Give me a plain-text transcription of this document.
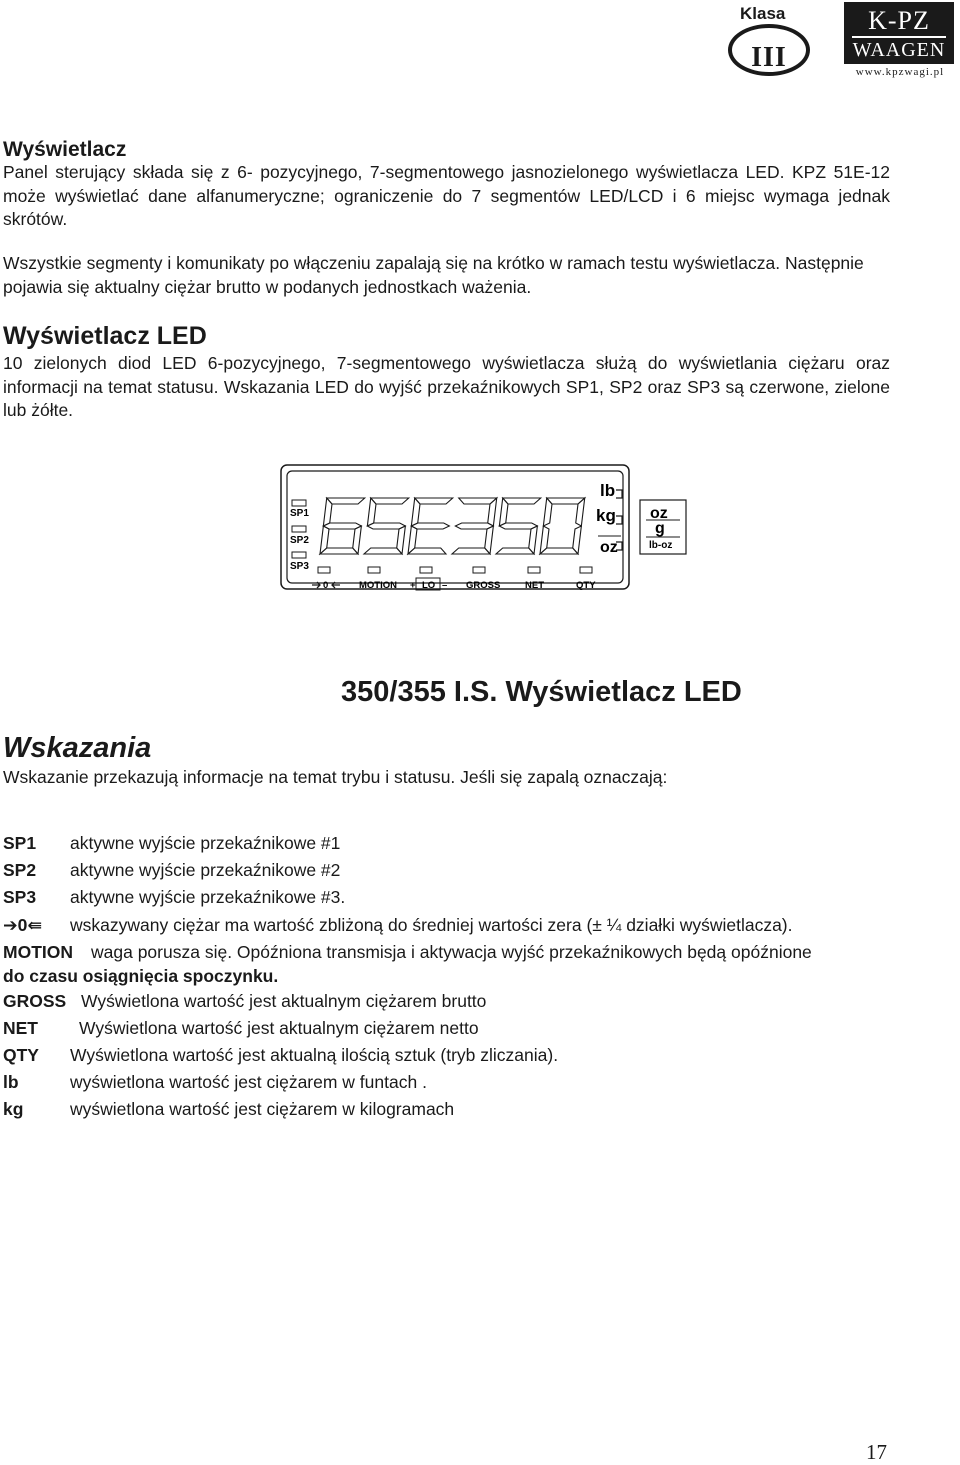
Klasa
III
K-PZ
WAAGEN
www.kpzwagi.pl
Wyświetlacz
Panel sterujący składa się z 6- pozycyjnego, 7-segmentowego jasnozielonego wyświetlacza LED. KPZ 51E-12 może wyświetlać dane alfanumeryczne; ograniczenie do 7 segmentów LED/LCD i 6 miejsc wymaga jednak skrótów.
Wszystkie segmenty i komunikaty po włączeniu zapalają się na krótko w ramach testu wyświetlacza. Następnie pojawia się aktualny ciężar brutto w podanych jednostkach ważenia.
Wyświetlacz LED
10 zielonych diod LED 6-pozycyjnego, 7-segmentowego wyświetlacza służą do wyświetlania ciężaru oraz informacji na temat statusu. Wskazania LED do wyjść przekaźnikowych SP1, SP2 oraz SP3 są czerwone, zielone lub żółte.
SP1
SP2
SP3
lb
kg
oz
oz
g
lb-oz
0	MOTION + LO – GROSS	NET	QTY
350/355 I.S. Wyświetlacz LED
Wskazania
Wskazanie przekazują informacje na temat trybu i statusu. Jeśli się zapalą oznaczają:
SP1 aktywne wyjście przekaźnikowe #1
SP2 aktywne wyjście przekaźnikowe #2
SP3 aktywne wyjście przekaźnikowe #3.
➔0⇚ wskazywany ciężar ma wartość zbliżoną do średniej wartości zera (± ¼ działki wyświetlacza).
MOTION waga porusza się. Opóźniona transmisja i aktywacja wyjść przekaźnikowych będą opóźnione
do czasu osiągnięcia spoczynku.
GROSS Wyświetlona wartość jest aktualnym ciężarem brutto
NET Wyświetlona wartość jest aktualnym ciężarem netto
QTY Wyświetlona wartość jest aktualną ilością sztuk (tryb zliczania).
lb	wyświetlona wartość jest ciężarem w funtach .
kg	wyświetlona wartość jest ciężarem w kilogramach
17
